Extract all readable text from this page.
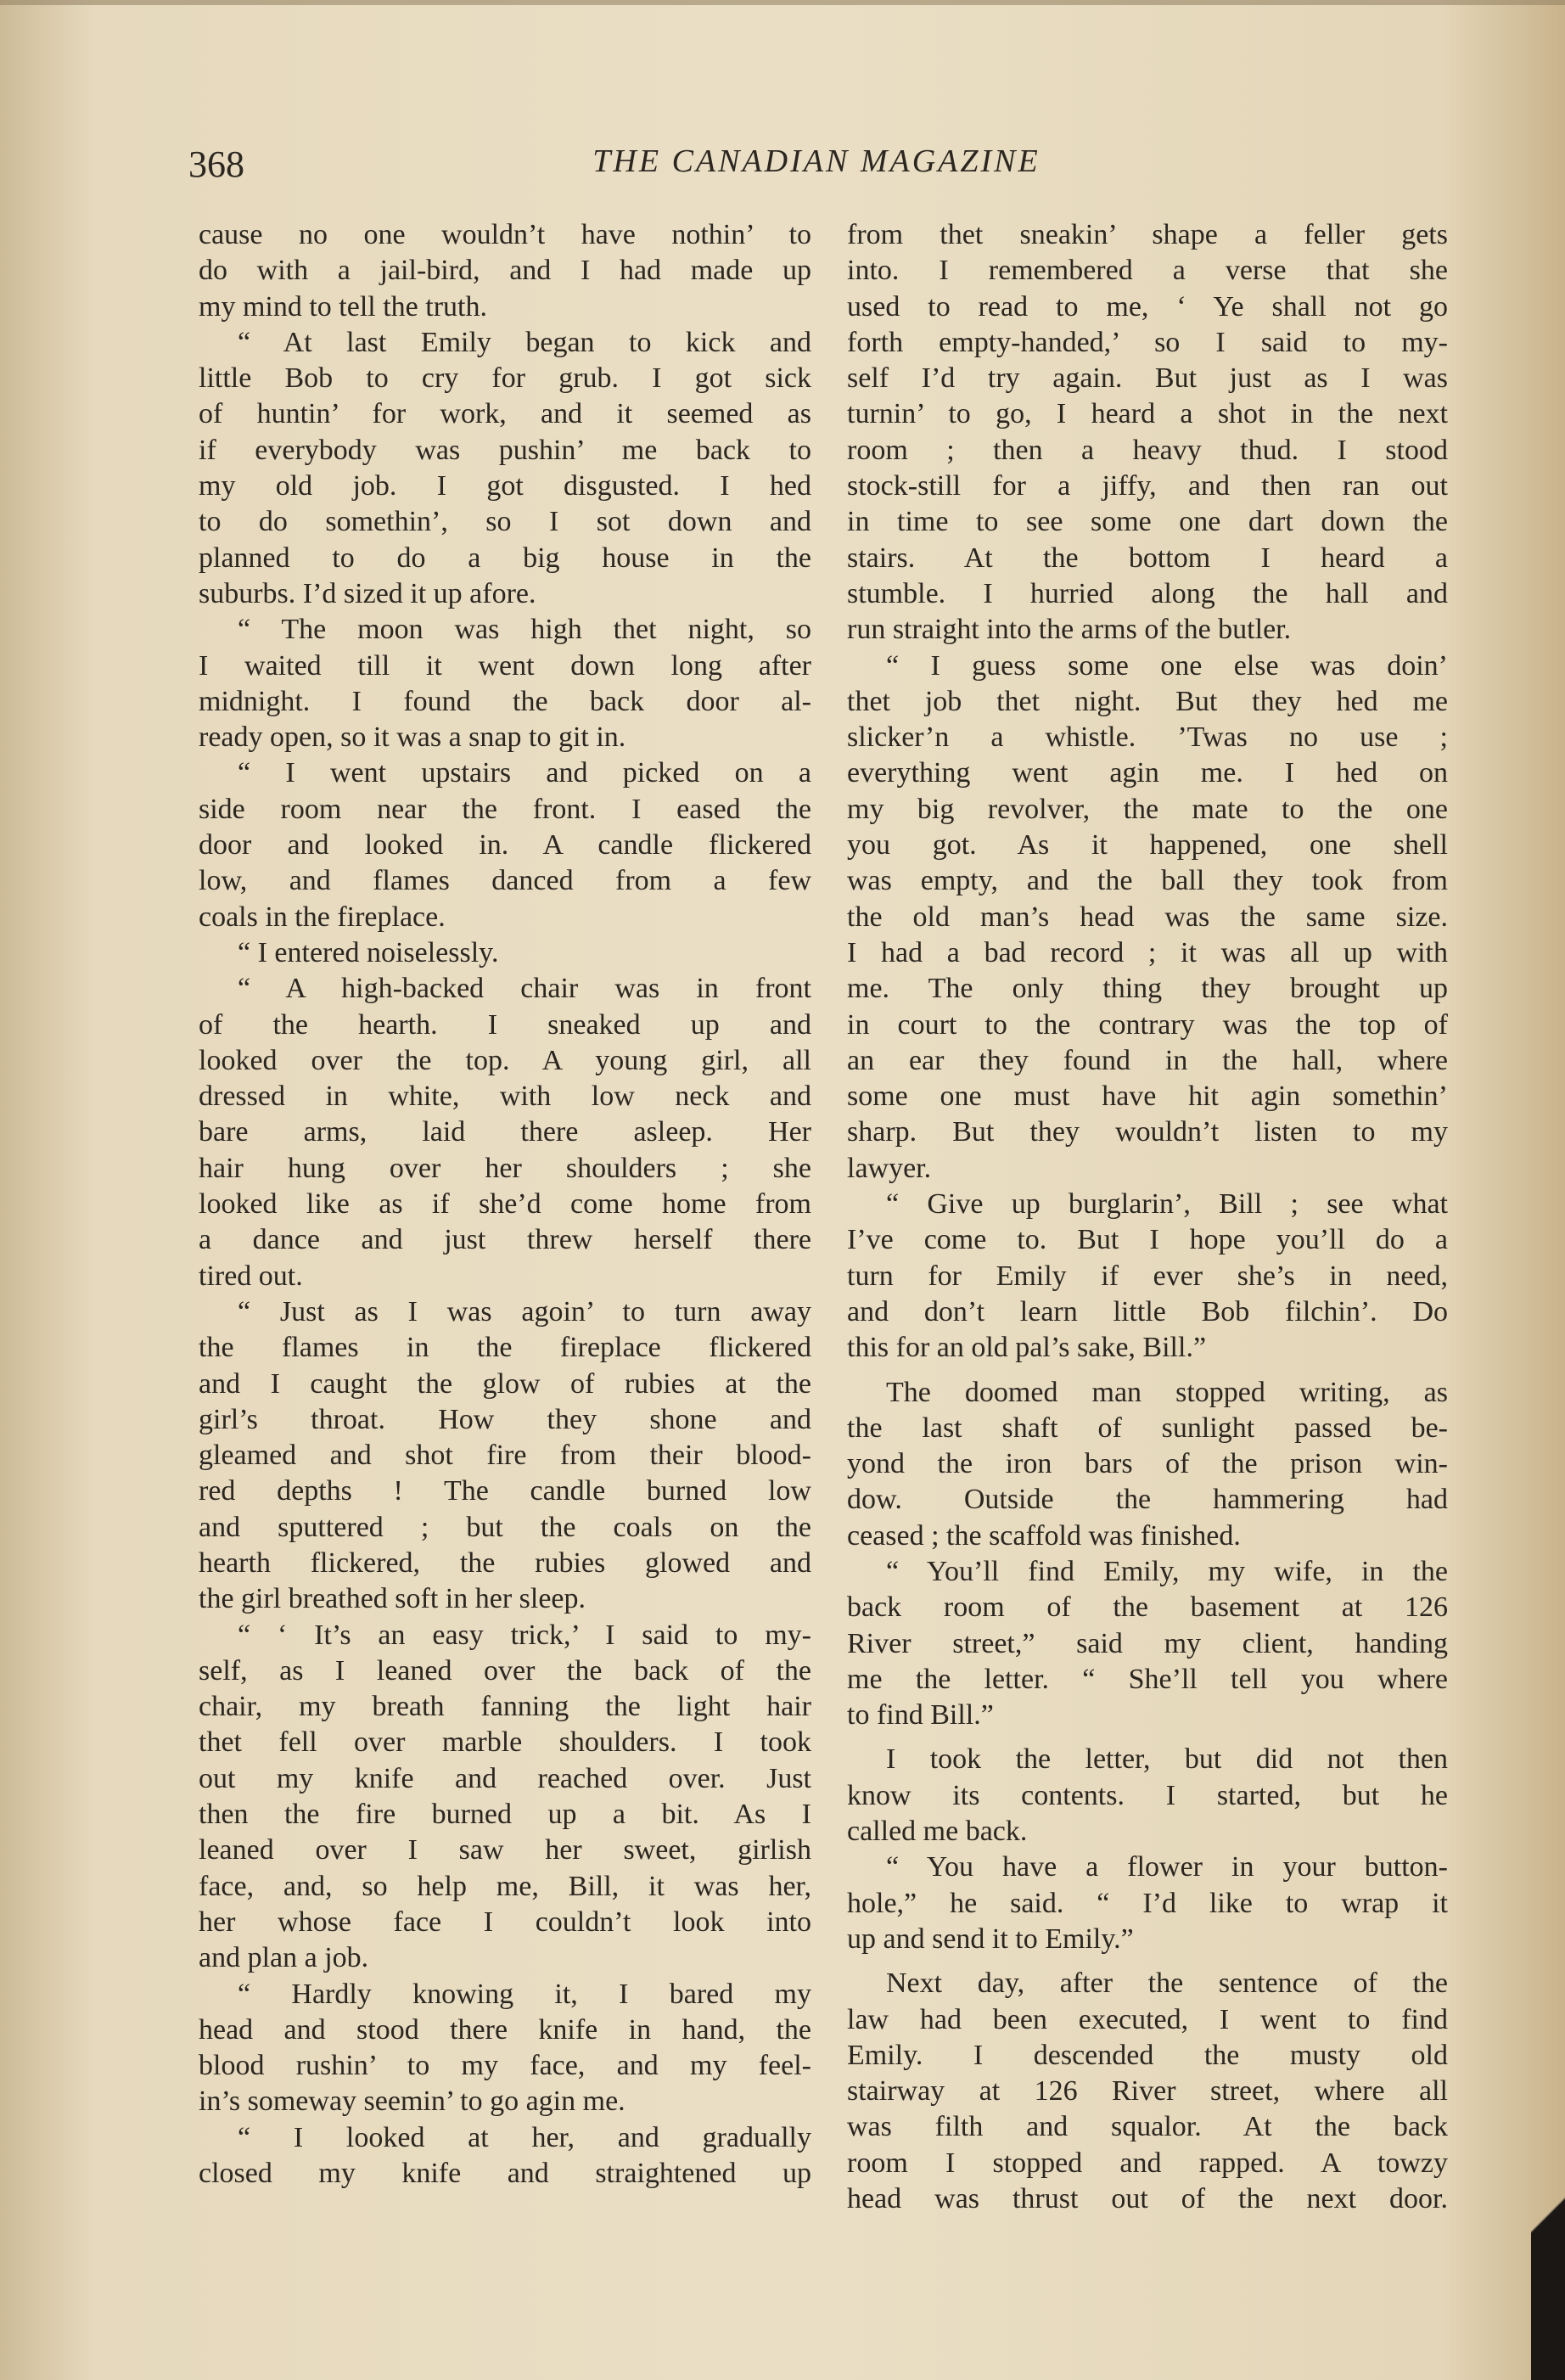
368	THE CANADIAN MAGAZINE
cause no one wouldn’t have nothin’ to
do with a jail-bird, and I had made up
my mind to tell the truth.
“ At last Emily began to kick and
little Bob to cry for grub. I got sick
of huntin’ for work, and it seemed as
if everybody was pushin’ me back to
my old job. I got disgusted. I hed
to do somethin’, so I sot down and
planned to do a big house in the
suburbs. I’d sized it up afore.
“ The moon was high thet night, so
I waited till it went down long after
midnight. I found the back door al-
ready open, so it was a snap to git in.
“ I went upstairs and picked on a
side room near the front. I eased the
door and looked in. A candle flickered
low, and flames danced from a few
coals in the fireplace.
“ I entered noiselessly.
“ A high-backed chair was in front
of the hearth. I sneaked up and
looked over the top. A young girl, all
dressed in white, with low neck and
bare arms, laid there asleep. Her
hair hung over her shoulders ; she
looked like as if she’d come home from
a dance and just threw herself there
tired out.
“ Just as I was agoin’ to turn away
the flames in the fireplace flickered
and I caught the glow of rubies at the
girl’s throat. How they shone and
gleamed and shot fire from their blood-
red depths ! The candle burned low
and sputtered ; but the coals on the
hearth flickered, the rubies glowed and
the girl breathed soft in her sleep.
“ ‘ It’s an easy trick,’ I said to my-
self, as I leaned over the back of the
chair, my breath fanning the light hair
thet fell over marble shoulders. I took
out my knife and reached over. Just
then the fire burned up a bit. As I
leaned over I saw her sweet, girlish
face, and, so help me, Bill, it was her,
her whose face I couldn’t look into
and plan a job.
“ Hardly knowing it, I bared my
head and stood there knife in hand, the
blood rushin’ to my face, and my feel-
in’s someway seemin’ to go agin me.
“ I looked at her, and gradually
closed my knife and straightened up
from thet sneakin’ shape a feller gets
into. I remembered a verse that she
used to read to me, ‘ Ye shall not go
forth empty-handed,’ so I said to my-
self I’d try again. But just as I was
turnin’ to go, I heard a shot in the next
room ; then a heavy thud. I stood
stock-still for a jiffy, and then ran out
in time to see some one dart down the
stairs. At the bottom I heard a
stumble. I hurried along the hall and
run straight into the arms of the butler.
“ I guess some one else was doin’
thet job thet night. But they hed me
slicker’n a whistle. ’Twas no use ;
everything went agin me. I hed on
my big revolver, the mate to the one
you got. As it happened, one shell
was empty, and the ball they took from
the old man’s head was the same size.
I had a bad record ; it was all up with
me. The only thing they brought up
in court to the contrary was the top of
an ear they found in the hall, where
some one must have hit agin somethin’
sharp. But they wouldn’t listen to my
lawyer.
“ Give up burglarin’, Bill ; see what
I’ve come to. But I hope you’ll do a
turn for Emily if ever she’s in need,
and don’t learn little Bob filchin’. Do
this for an old pal’s sake, Bill.”
The doomed man stopped writing, as
the last shaft of sunlight passed be-
yond the iron bars of the prison win-
dow. Outside the hammering had
ceased ; the scaffold was finished.
“ You’ll find Emily, my wife, in the
back room of the basement at 126
River street,” said my client, handing
me the letter. “ She’ll tell you where
to find Bill.”
I took the letter, but did not then
know its contents. I started, but he
called me back.
“ You have a flower in your button-
hole,” he said. “ I’d like to wrap it
up and send it to Emily.”
Next day, after the sentence of the
law had been executed, I went to find
Emily. I descended the musty old
stairway at 126 River street, where all
was filth and squalor. At the back
room I stopped and rapped. A towzy
head was thrust out of the next door.
